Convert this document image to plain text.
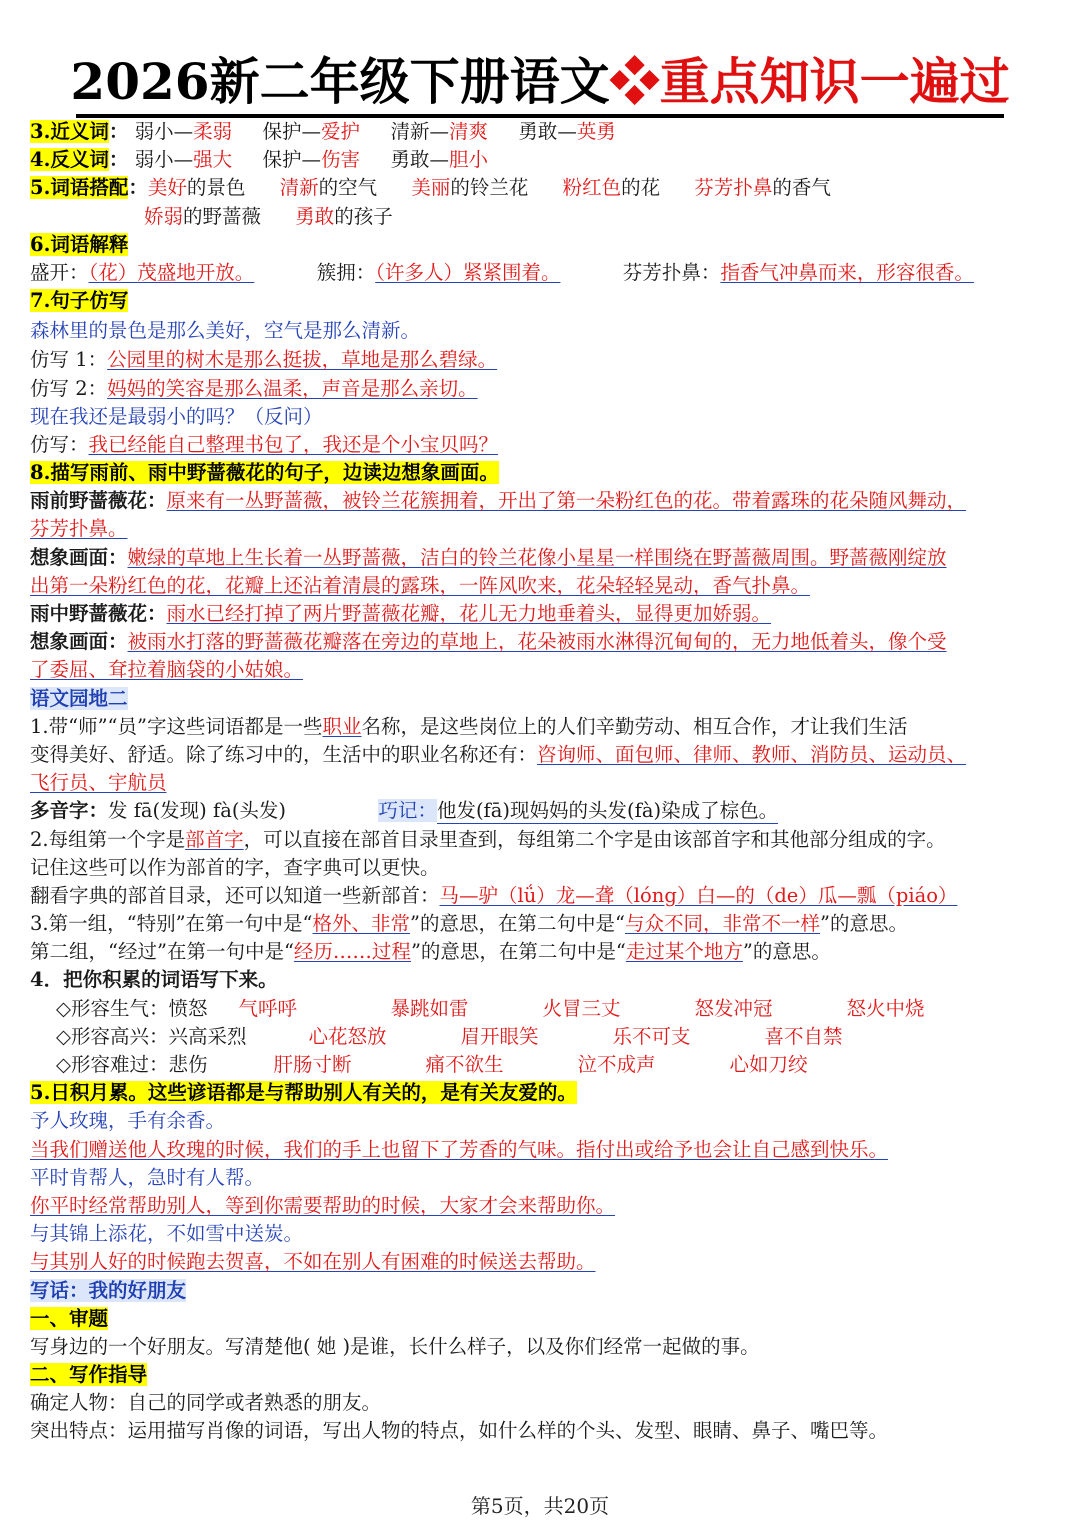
2026新二年级下册语文❖重点知识一遍过
3.近义词： 弱小—柔弱 保护—爱护 清新—清爽 勇敢—英勇
4.反义词： 弱小—强大 保护—伤害 勇敢—胆小
5.词语搭配：美好的景色 清新的空气 美丽的铃兰花 粉红色的花 芬芳扑鼻的香气
娇弱的野蔷薇 勇敢的孩子
6.词语解释
盛开：（花）茂盛地开放。	簇拥：（许多人）紧紧围着。	芬芳扑鼻：指香气冲鼻而来，形容很香。
7.句子仿写
森林里的景色是那么美好，空气是那么清新。
仿写 1：公园里的树木是那么挺拔，草地是那么碧绿。
仿写 2：妈妈的笑容是那么温柔，声音是那么亲切。
现在我还是最弱小的吗？（反问）
仿写：我已经能自己整理书包了，我还是个小宝贝吗？
8.描写雨前、雨中野蔷薇花的句子，边读边想象画面。
雨前野蔷薇花：原来有一丛野蔷薇，被铃兰花簇拥着，开出了第一朵粉红色的花。带着露珠的花朵随风舞动，
芬芳扑鼻。
想象画面：嫩绿的草地上生长着一丛野蔷薇，洁白的铃兰花像小星星一样围绕在野蔷薇周围。野蔷薇刚绽放
出第一朵粉红色的花，花瓣上还沾着清晨的露珠，一阵风吹来，花朵轻轻晃动，香气扑鼻。
雨中野蔷薇花：雨水已经打掉了两片野蔷薇花瓣，花儿无力地垂着头，显得更加娇弱。
想象画面：被雨水打落的野蔷薇花瓣落在旁边的草地上，花朵被雨水淋得沉甸甸的，无力地低着头，像个受
了委屈、耷拉着脑袋的小姑娘。
语文园地二
1.带“师”“员”字这些词语都是一些职业名称，是这些岗位上的人们辛勤劳动、相互合作，才让我们生活
变得美好、舒适。除了练习中的，生活中的职业名称还有：咨询师、面包师、律师、教师、消防员、运动员、
飞行员、宇航员
多音字：发 fā(发现) fà(头发)	巧记：他发(fā)现妈妈的头发(fà)染成了棕色。
2.每组第一个字是部首字，可以直接在部首目录里查到，每组第二个字是由该部首字和其他部分组成的字。
记住这些可以作为部首的字，查字典可以更快。
翻看字典的部首目录，还可以知道一些新部首：马—驴（lǘ）龙—聋（lóng）白—的（de）瓜—瓢（piáo）
3.第一组，“特别”在第一句中是“格外、非常”的意思，在第二句中是“与众不同，非常不一样”的意思。
第二组，“经过”在第一句中是“经历……过程”的意思，在第二句中是“走过某个地方”的意思。
4．把你积累的词语写下来。
◇形容生气：愤怒 气呼呼	暴跳如雷	火冒三丈	怒发冲冠	怒火中烧
◇形容高兴：兴高采烈	心花怒放	眉开眼笑	乐不可支	喜不自禁
◇形容难过：悲伤	肝肠寸断	痛不欲生	泣不成声	心如刀绞
5.日积月累。这些谚语都是与帮助别人有关的，是有关友爱的。
予人玫瑰，手有余香。
当我们赠送他人玫瑰的时候，我们的手上也留下了芳香的气味。指付出或给予也会让自己感到快乐。
平时肯帮人，急时有人帮。
你平时经常帮助别人，等到你需要帮助的时候，大家才会来帮助你。
与其锦上添花，不如雪中送炭。
与其别人好的时候跑去贺喜，不如在别人有困难的时候送去帮助。
写话：我的好朋友
一、审题
写身边的一个好朋友。写清楚他( 她 )是谁，长什么样子，以及你们经常一起做的事。
二、写作指导
确定人物：自己的同学或者熟悉的朋友。
突出特点：运用描写肖像的词语，写出人物的特点，如什么样的个头、发型、眼睛、鼻子、嘴巴等。
第5页，共20页
